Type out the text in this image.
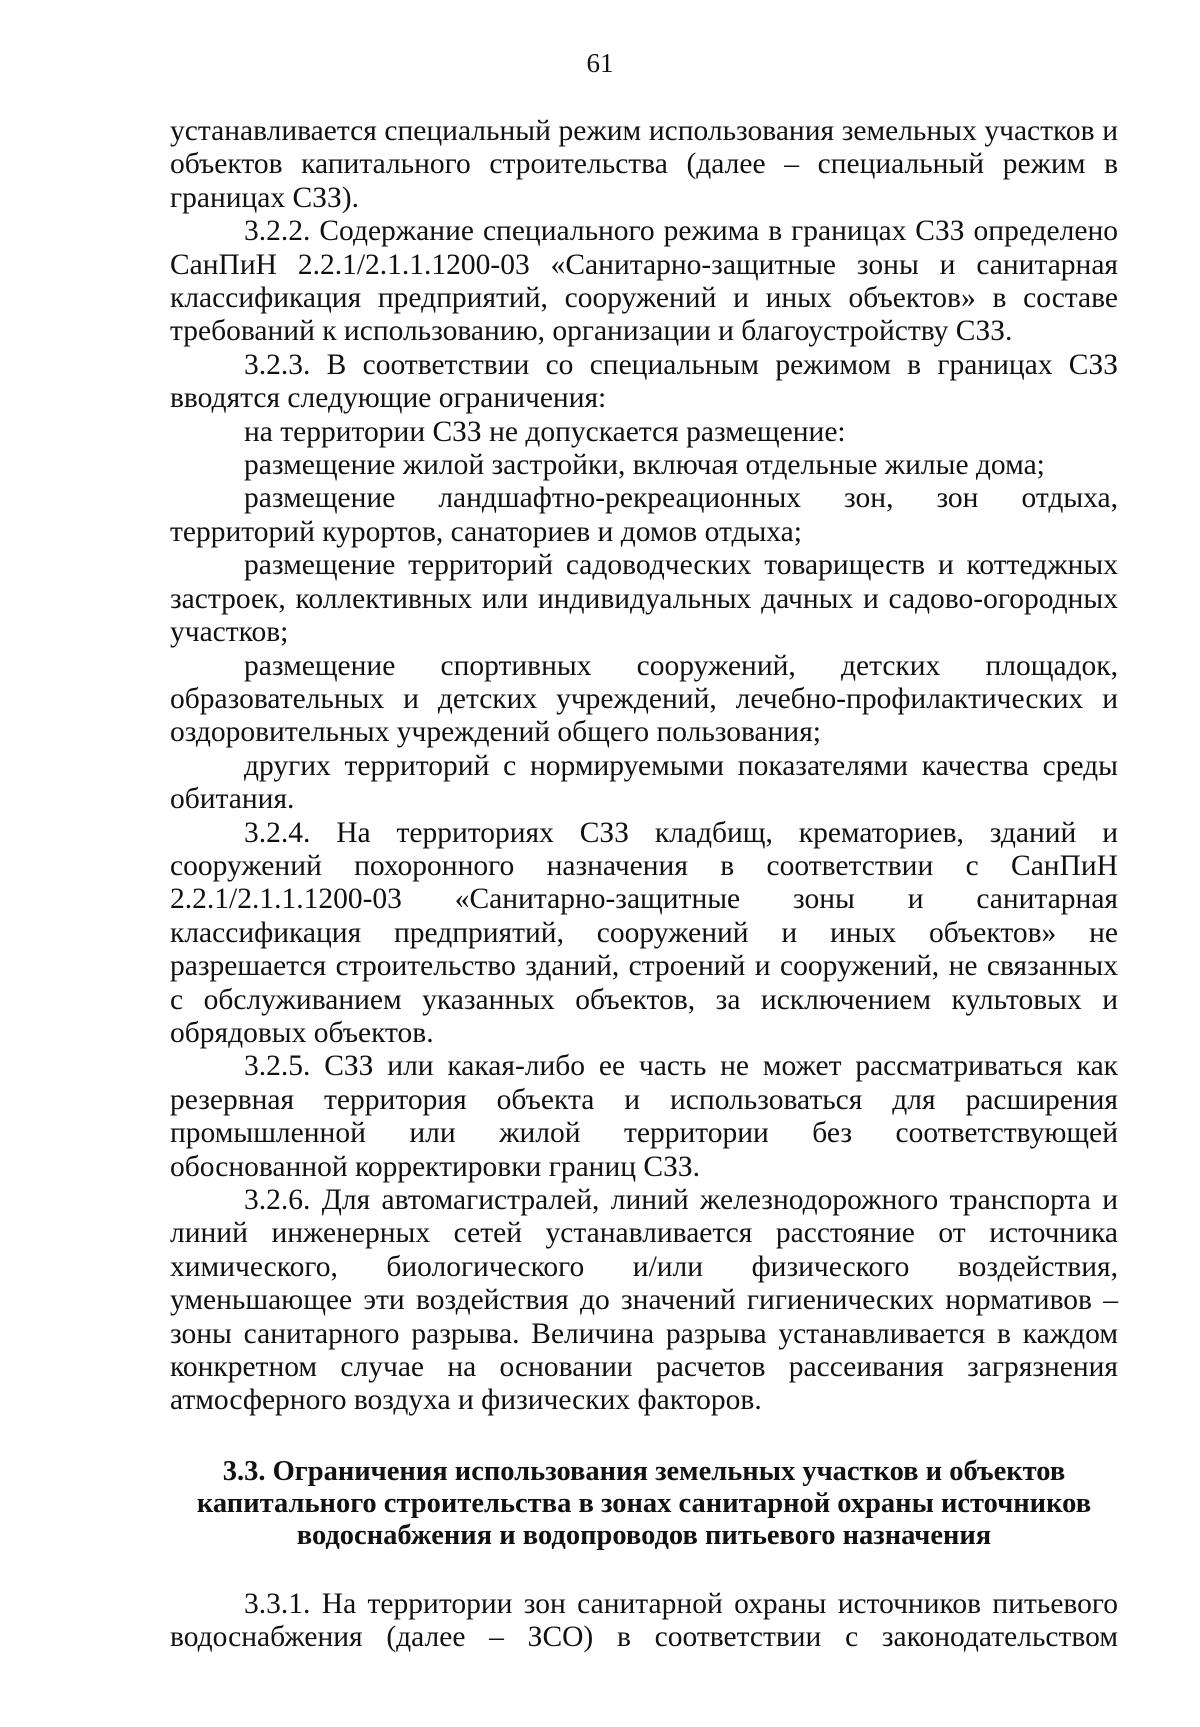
61

устанавливается специальный режим использования земельных участков и объектов капитального строительства (далее – специальный режим в границах СЗЗ).

3.2.2. Содержание специального режима в границах СЗЗ определено СанПиН 2.2.1/2.1.1.1200-03 «Санитарно-защитные зоны и санитарная классификация предприятий, сооружений и иных объектов» в составе требований к использованию, организации и благоустройству СЗЗ.

3.2.3. В соответствии со специальным режимом в границах СЗЗ вводятся следующие ограничения:

на территории СЗЗ не допускается размещение:

размещение жилой застройки, включая отдельные жилые дома;

размещение ландшафтно-рекреационных зон, зон отдыха, территорий курортов, санаториев и домов отдыха;

размещение территорий садоводческих товариществ и коттеджных застроек, коллективных или индивидуальных дачных и садово-огородных участков;

размещение спортивных сооружений, детских площадок, образовательных и детских учреждений, лечебно-профилактических и оздоровительных учреждений общего пользования;

других территорий с нормируемыми показателями качества среды обитания.

3.2.4. На территориях СЗЗ кладбищ, крематориев, зданий и сооружений похоронного назначения в соответствии с СанПиН 2.2.1/2.1.1.1200-03 «Санитарно-защитные зоны и санитарная классификация предприятий, сооружений и иных объектов» не разрешается строительство зданий, строений и сооружений, не связанных с обслуживанием указанных объектов, за исключением культовых и обрядовых объектов.

3.2.5. СЗЗ или какая-либо ее часть не может рассматриваться как резервная территория объекта и использоваться для расширения промышленной или жилой территории без соответствующей обоснованной корректировки границ СЗЗ.

3.2.6. Для автомагистралей, линий железнодорожного транспорта и линий инженерных сетей устанавливается расстояние от источника химического, биологического и/или физического воздействия, уменьшающее эти воздействия до значений гигиенических нормативов – зоны санитарного разрыва. Величина разрыва устанавливается в каждом конкретном случае на основании расчетов рассеивания загрязнения атмосферного воздуха и физических факторов.

3.3. Ограничения использования земельных участков и объектов
капитального строительства в зонах санитарной охраны источников
водоснабжения и водопроводов питьевого назначения

3.3.1. На территории зон санитарной охраны источников питьевого водоснабжения (далее – ЗСО) в соответствии с законодательством
